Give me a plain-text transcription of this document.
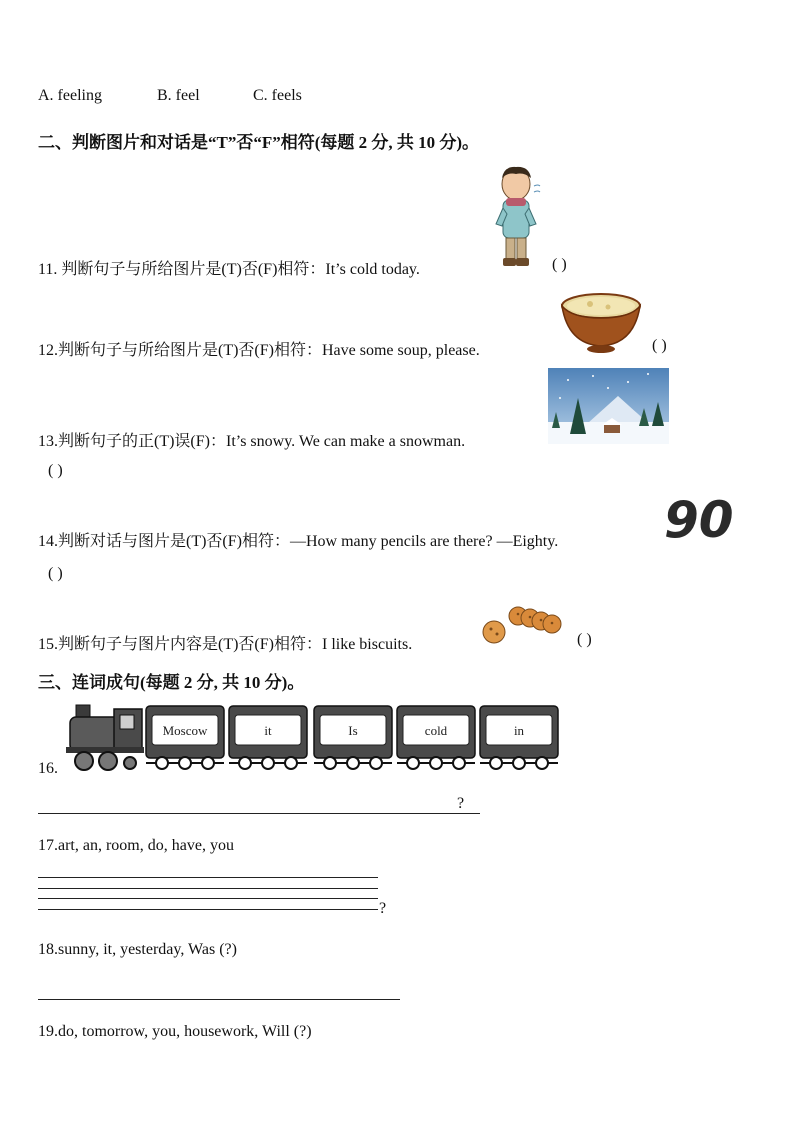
A. feeling	B. feel	C. feels
二、判断图片和对话是“T”否“F”相符(每题 2 分, 共 10 分)。
11. 判断句子与所给图片是(T)否(F)相符：It’s cold today.	( )
12.判断句子与所给图片是(T)否(F)相符：Have some soup, please.	( )
13.判断句子的正(T)误(F)：It’s snowy. We can make a snowman.
( )
14.判断对话与图片是(T)否(F)相符：—How many pencils are there? —Eighty. 90
( )
15.判断句子与图片内容是(T)否(F)相符：I like biscuits.	( )
三、连词成句(每题 2 分, 共 10 分)。
16.
Moscow	it	Is	cold	in
?
17.art, an, room, do, have, you
?
18.sunny, it, yesterday, Was (?)
19.do, tomorrow, you, housework, Will (?)
